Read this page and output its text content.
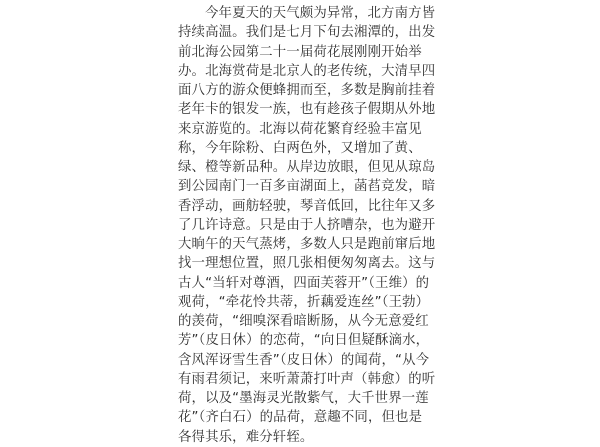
今年夏天的天气颇为异常，北方南方皆
持续高温。我们是七月下旬去湘潭的，出发
前北海公园第二十一届荷花展刚刚开始举
办。北海赏荷是北京人的老传统，大清早四
面八方的游众便蜂拥而至，多数是胸前挂着
老年卡的银发一族，也有趁孩子假期从外地
来京游览的。北海以荷花繁育经验丰富见
称，今年除粉、白两色外，又增加了黄、
绿、橙等新品种。从岸边放眼，但见从琼岛
到公园南门一百多亩湖面上，菡萏竞发，暗
香浮动，画舫轻驶，琴音低回，比往年又多
了几许诗意。只是由于人挤嘈杂，也为避开
大晌午的天气蒸烤，多数人只是跑前窜后地
找一理想位置，照几张相便匆匆离去。这与
古人“当轩对尊酒，四面芙蓉开”（王维）的
观荷，“牵花怜共蒂，折藕爱连丝”（王勃）
的羡荷，“细嗅深看暗断肠，从今无意爱红
芳”（皮日休）的恋荷，“向日但疑酥滴水，
含风浑讶雪生香”（皮日休）的闻荷，“从今
有雨君须记，来听萧萧打叶声（韩愈）的听
荷，以及“墨海灵光散紫气，大千世界一莲
花”（齐白石）的品荷，意趣不同，但也是
各得其乐，难分轩轾。
